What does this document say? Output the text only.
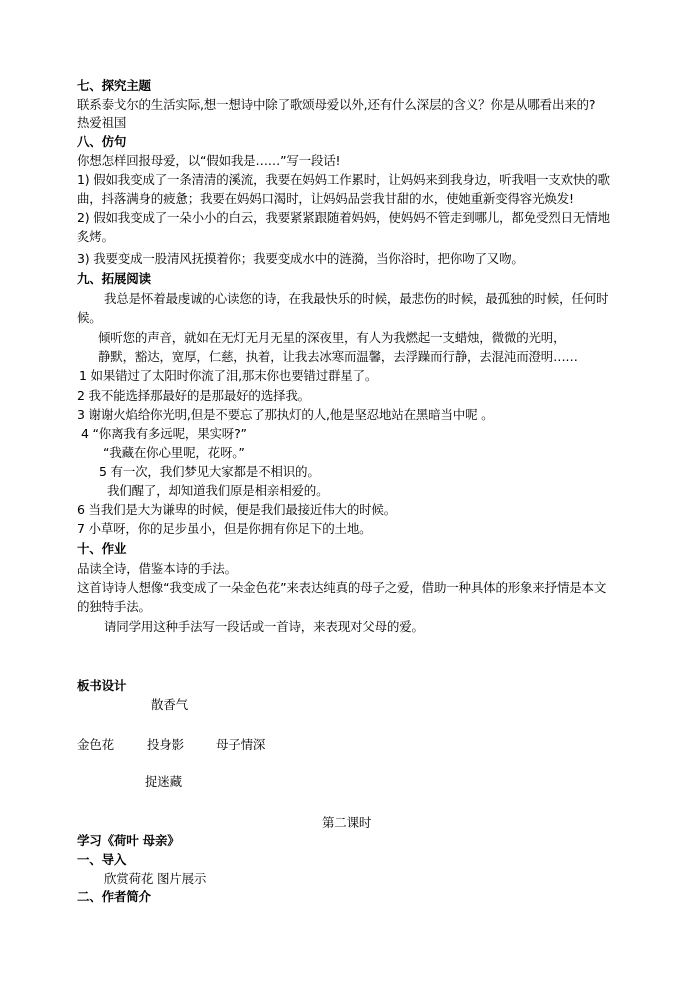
七、探究主题
联系泰戈尔的生活实际,想一想诗中除了歌颂母爱以外,还有什么深层的含义？你是从哪看出来的?
热爱祖国
八、仿句
你想怎样回报母爱，以“假如我是……”写一段话!
1) 假如我变成了一条清清的溪流，我要在妈妈工作累时，让妈妈来到我身边，听我唱一支欢快的歌
曲，抖落满身的疲惫；我要在妈妈口渴时，让妈妈品尝我甘甜的水，使她重新变得容光焕发!
2) 假如我变成了一朵小小的白云，我要紧紧跟随着妈妈，使妈妈不管走到哪儿，都免受烈日无情地
炙烤。
3) 我要变成一股清风抚摸着你；我要变成水中的涟漪，当你浴时，把你吻了又吻。
九、拓展阅读
我总是怀着最虔诚的心读您的诗，在我最快乐的时候，最悲伤的时候，最孤独的时候，任何时
候。
倾听您的声音，就如在无灯无月无星的深夜里，有人为我燃起一支蜡烛，微微的光明，
静默，豁达，宽厚，仁慈，执着，让我去冰寒而温馨，去浮躁而行静，去混沌而澄明……
1 如果错过了太阳时你流了泪,那末你也要错过群星了。
2 我不能选择那最好的是那最好的选择我。
3 谢谢火焰给你光明,但是不要忘了那执灯的人,他是坚忍地站在黑暗当中呢 。
4 “你离我有多远呢，果实呀?”
“我藏在你心里呢，花呀。”
5 有一次，我们梦见大家都是不相识的。
我们醒了，却知道我们原是相亲相爱的。
6 当我们是大为谦卑的时候，便是我们最接近伟大的时候。
7 小草呀，你的足步虽小，但是你拥有你足下的土地。
十、作业
品读全诗，借鉴本诗的手法。
这首诗诗人想像“我变成了一朵金色花”来表达纯真的母子之爱，借助一种具体的形象来抒情是本文
的独特手法。
请同学用这种手法写一段话或一首诗，来表现对父母的爱。
板书设计
散香气
金色花	投身影	母子情深
捉迷藏
第二课时
学习《荷叶 母亲》
一、导入
欣赏荷花 图片展示
二、作者简介
